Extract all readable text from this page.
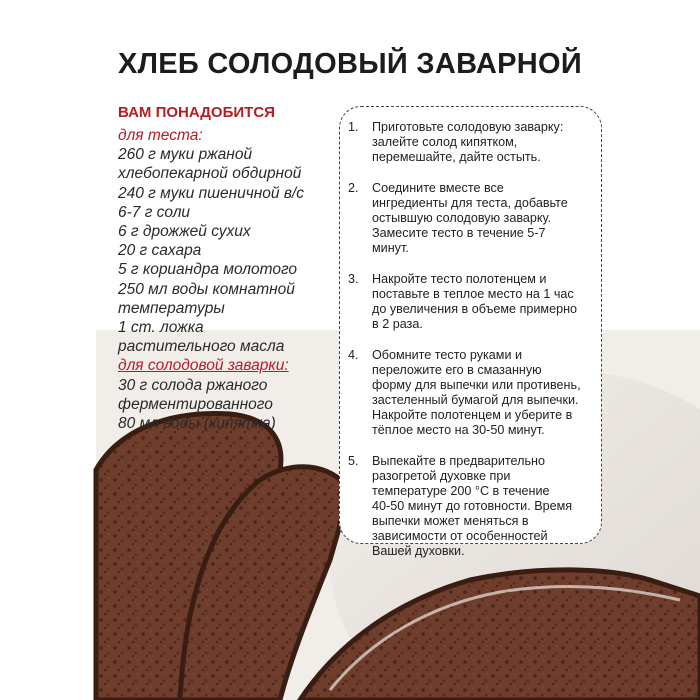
ХЛЕБ СОЛОДОВЫЙ ЗАВАРНОЙ
ВАМ ПОНАДОБИТСЯ
для теста:
260 г муки ржаной
хлебопекарной обдирной
240 г муки пшеничной в/с
6-7 г соли
6 г дрожжей сухих
20 г сахара
5 г кориандра молотого
250 мл воды комнатной
температуры
1 ст. ложка
растительного масла
для солодовой заварки:
30 г солода ржаного
ферментированного
80 мл воды (кипятка)
1.	Приготовьте солодовую заварку:
залейте солод кипятком,
перемешайте, дайте остыть.
2.	Соедините вместе все
ингредиенты для теста, добавьте
остывшую солодовую заварку.
Замесите тесто в течение 5-7
минут.
3.	Накройте тесто полотенцем и
поставьте в теплое место на 1 час
до увеличения в объеме примерно
в 2 раза.
4.	Обомните тесто руками и
переложите его в смазанную
форму для выпечки или противень,
застеленный бумагой для выпечки.
Накройте полотенцем и уберите в
тёплое место на 30-50 минут.
5.	Выпекайте в предварительно
разогретой духовке при
температуре 200 °С в течение
40-50 минут до готовности. Время
выпечки может меняться в
зависимости от особенностей
Вашей духовки.
